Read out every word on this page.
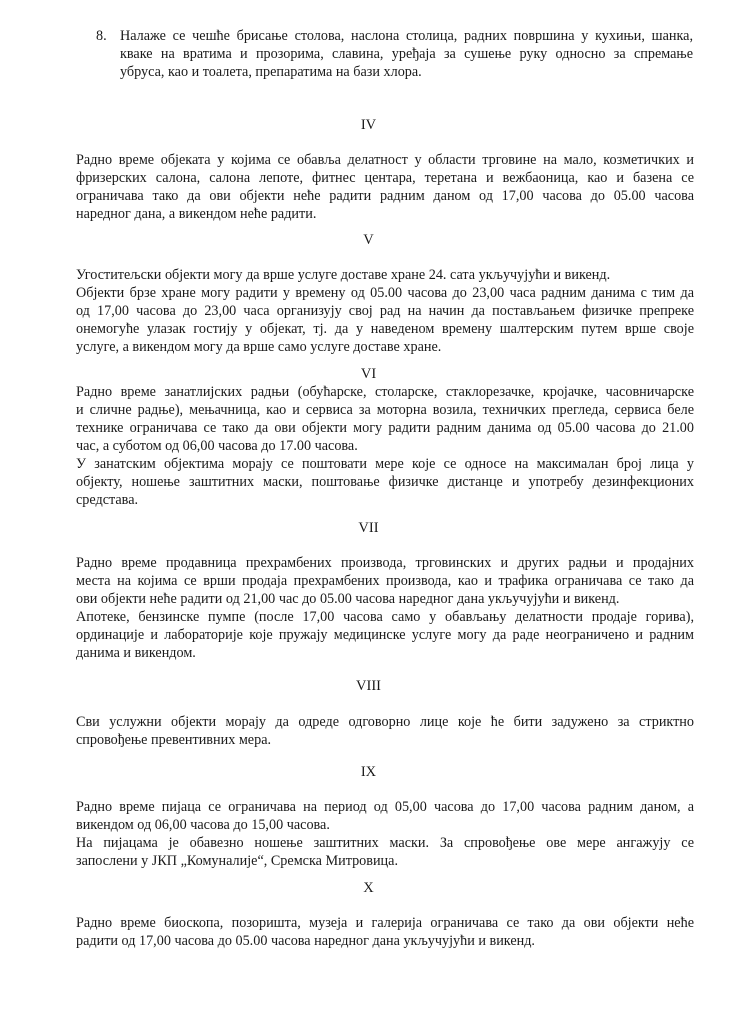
8. Налаже се чешће брисање столова, наслона столица, радних површина у кухињи, шанка,
кваке на вратима и прозорима, славина, уређаја за сушење руку односно за спремање
убруса, као и тоалета, препаратима на бази хлора.
IV
Радно време објеката у којима се обавља делатност у области трговине на мало, козметичких и
фризерских салона, салона лепоте, фитнес центара, теретана и вежбаоница, као и базена се
ограничава тако да ови објекти неће радити радним даном од 17,00 часова до 05.00 часова
наредног дана, а викендом неће радити.
V
Угоститељски објекти могу да врше услуге доставе хране 24. сата укључујући и викенд.
Објекти брзе хране могу радити у времену од 05.00 часова до 23,00 часа радним данима с тим да
од 17,00 часова до 23,00 часа организују свој рад на начин да постављањем физичке препреке
онемогуће улазак гостију у објекат, тј. да у наведеном времену шалтерским путем врше своје
услуге, а викендом могу да врше само услуге доставе хране.
VI
Радно време занатлијских радњи (обућарске, столарске, стаклорезачке, кројачке, часовничарске
и сличне радње), мењачница, као и сервиса за моторна возила, техничких прегледа, сервиса беле
технике ограничава се тако да ови објекти могу радити радним данима од 05.00 часова до 21.00
час, а суботом од 06,00 часова до 17.00 часова.
У занатским објектима морају се поштовати мере које се односе на максималан број лица у
објекту, ношење заштитних маски, поштовање физичке дистанце и употребу дезинфекционих
средстава.
VII
Радно време продавница прехрамбених производа, трговинских и других радњи и продајних
места на којима се врши продаја прехрамбених производа, као и трафика ограничава се тако да
ови објекти неће радити од 21,00 час до 05.00 часова наредног дана укључујући и викенд.
Апотеке, бензинске пумпе (после 17,00 часова само у обављању делатности продаје горива),
ординације и лабораторије које пружају медицинске услуге могу да раде неограничено и радним
данима и викендом.
VIII
Сви услужни објекти морају да одреде одговорно лице које ће бити задужено за стриктно
спровођење превентивних мера.
IX
Радно време пијаца се ограничава на период од 05,00 часова до 17,00 часова радним даном, а
викендом од 06,00 часова до 15,00 часова.
На пијацама је обавезно ношење заштитних маски. За спровођење ове мере ангажују се
запослени у ЈКП „Комуналије“, Сремска Митровица.
X
Радно време биоскопа, позоришта, музеја и галерија ограничава се тако да ови објекти неће
радити од 17,00 часова до 05.00 часова наредног дана укључујући и викенд.
